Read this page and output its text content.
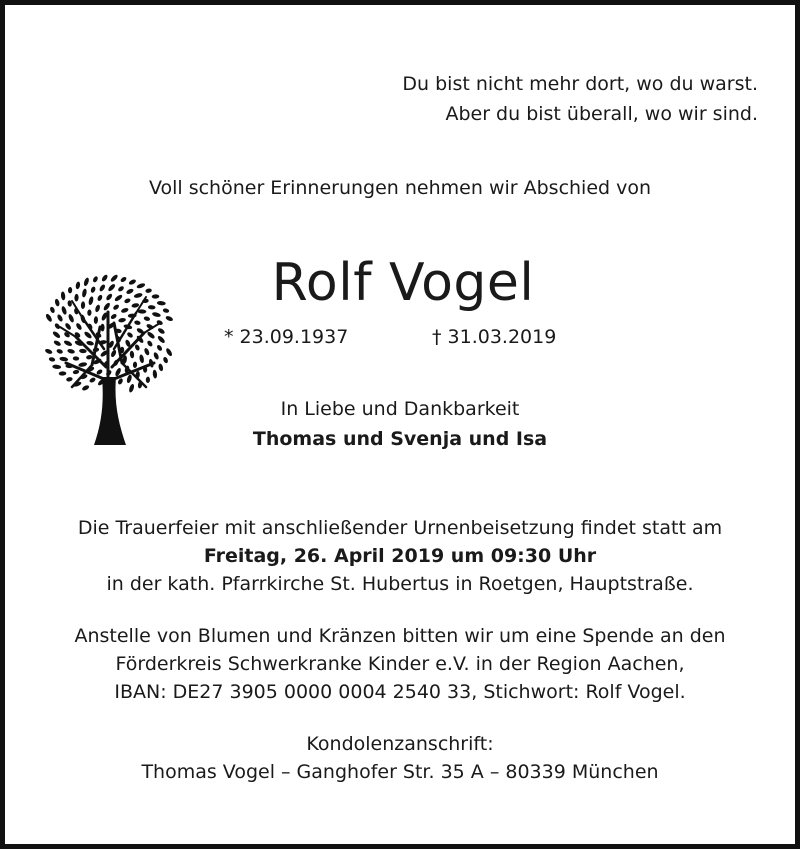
Du bist nicht mehr dort, wo du warst.
Aber du bist überall, wo wir sind.
Voll schöner Erinnerungen nehmen wir Abschied von
Rolf Vogel
* 23.09.1937	† 31.03.2019
In Liebe und Dankbarkeit
Thomas und Svenja und Isa
Die Trauerfeier mit anschließender Urnenbeisetzung findet statt am
Freitag, 26. April 2019 um 09:30 Uhr
in der kath. Pfarrkirche St. Hubertus in Roetgen, Hauptstraße.
Anstelle von Blumen und Kränzen bitten wir um eine Spende an den
Förderkreis Schwerkranke Kinder e.V. in der Region Aachen,
IBAN: DE27 3905 0000 0004 2540 33, Stichwort: Rolf Vogel.
Kondolenzanschrift:
Thomas Vogel – Ganghofer Str. 35 A – 80339 München
